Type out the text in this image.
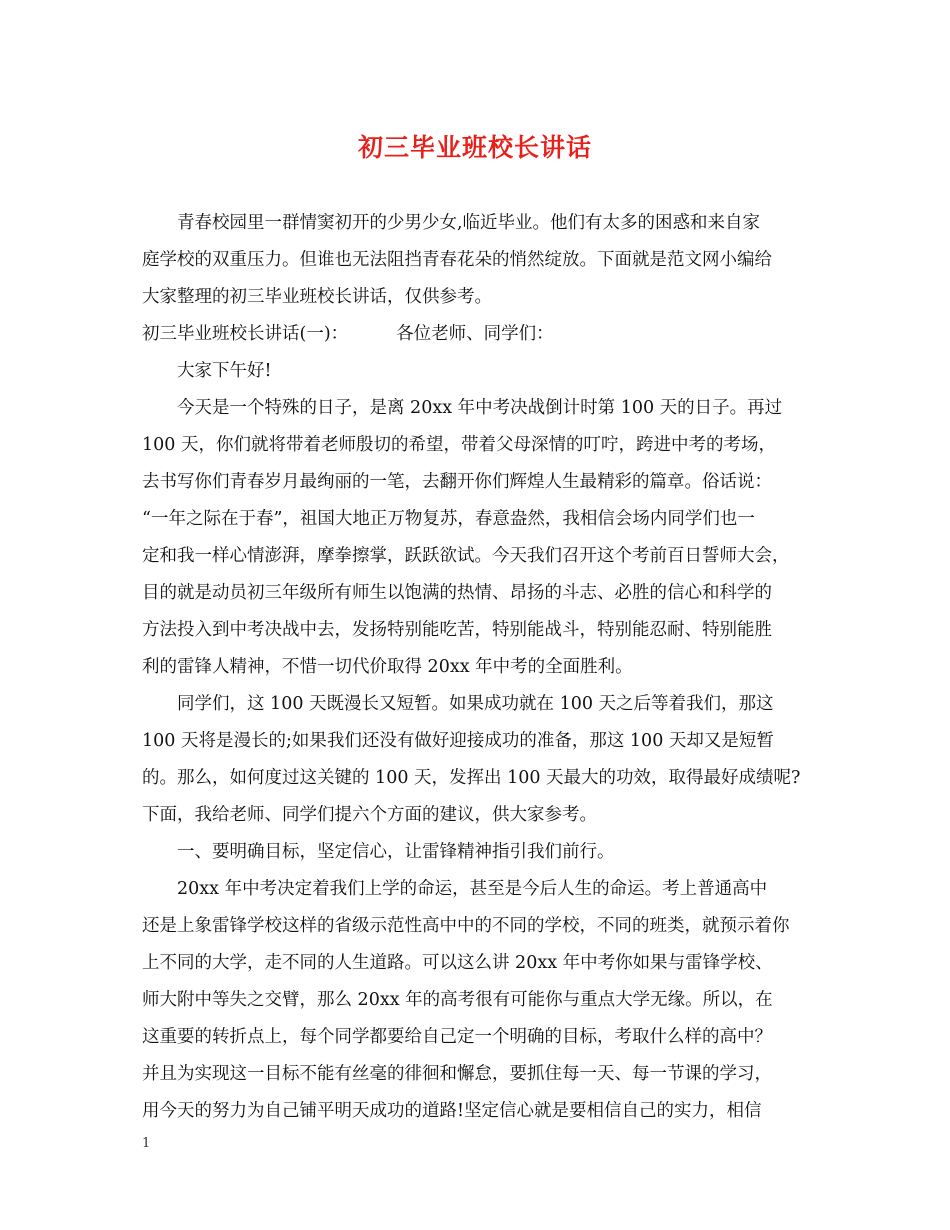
初三毕业班校长讲话
青春校园里一群情窦初开的少男少女,临近毕业。他们有太多的困惑和来自家
庭学校的双重压力。但谁也无法阻挡青春花朵的悄然绽放。下面就是范文网小编给
大家整理的初三毕业班校长讲话，仅供参考。
初三毕业班校长讲话(一)：	各位老师、同学们：
大家下午好!
今天是一个特殊的日子，是离 20xx 年中考决战倒计时第 100 天的日子。再过
100 天，你们就将带着老师殷切的希望，带着父母深情的叮咛，跨进中考的考场，
去书写你们青春岁月最绚丽的一笔，去翻开你们辉煌人生最精彩的篇章。俗话说：
“一年之际在于春”，祖国大地正万物复苏，春意盎然，我相信会场内同学们也一
定和我一样心情澎湃，摩拳擦掌，跃跃欲试。今天我们召开这个考前百日誓师大会，
目的就是动员初三年级所有师生以饱满的热情、昂扬的斗志、必胜的信心和科学的
方法投入到中考决战中去，发扬特别能吃苦，特别能战斗，特别能忍耐、特别能胜
利的雷锋人精神，不惜一切代价取得 20xx 年中考的全面胜利。
同学们，这 100 天既漫长又短暂。如果成功就在 100 天之后等着我们，那这
100 天将是漫长的;如果我们还没有做好迎接成功的准备，那这 100 天却又是短暂
的。那么，如何度过这关键的 100 天，发挥出 100 天最大的功效，取得最好成绩呢?
下面，我给老师、同学们提六个方面的建议，供大家参考。
一、要明确目标，坚定信心，让雷锋精神指引我们前行。
20xx 年中考决定着我们上学的命运，甚至是今后人生的命运。考上普通高中
还是上象雷锋学校这样的省级示范性高中中的不同的学校，不同的班类，就预示着你
上不同的大学，走不同的人生道路。可以这么讲 20xx 年中考你如果与雷锋学校、
师大附中等失之交臂，那么 20xx 年的高考很有可能你与重点大学无缘。所以，在
这重要的转折点上，每个同学都要给自己定一个明确的目标，考取什么样的高中？
并且为实现这一目标不能有丝毫的徘徊和懈怠，要抓住每一天、每一节课的学习，
用今天的努力为自己铺平明天成功的道路!坚定信心就是要相信自己的实力，相信
1
